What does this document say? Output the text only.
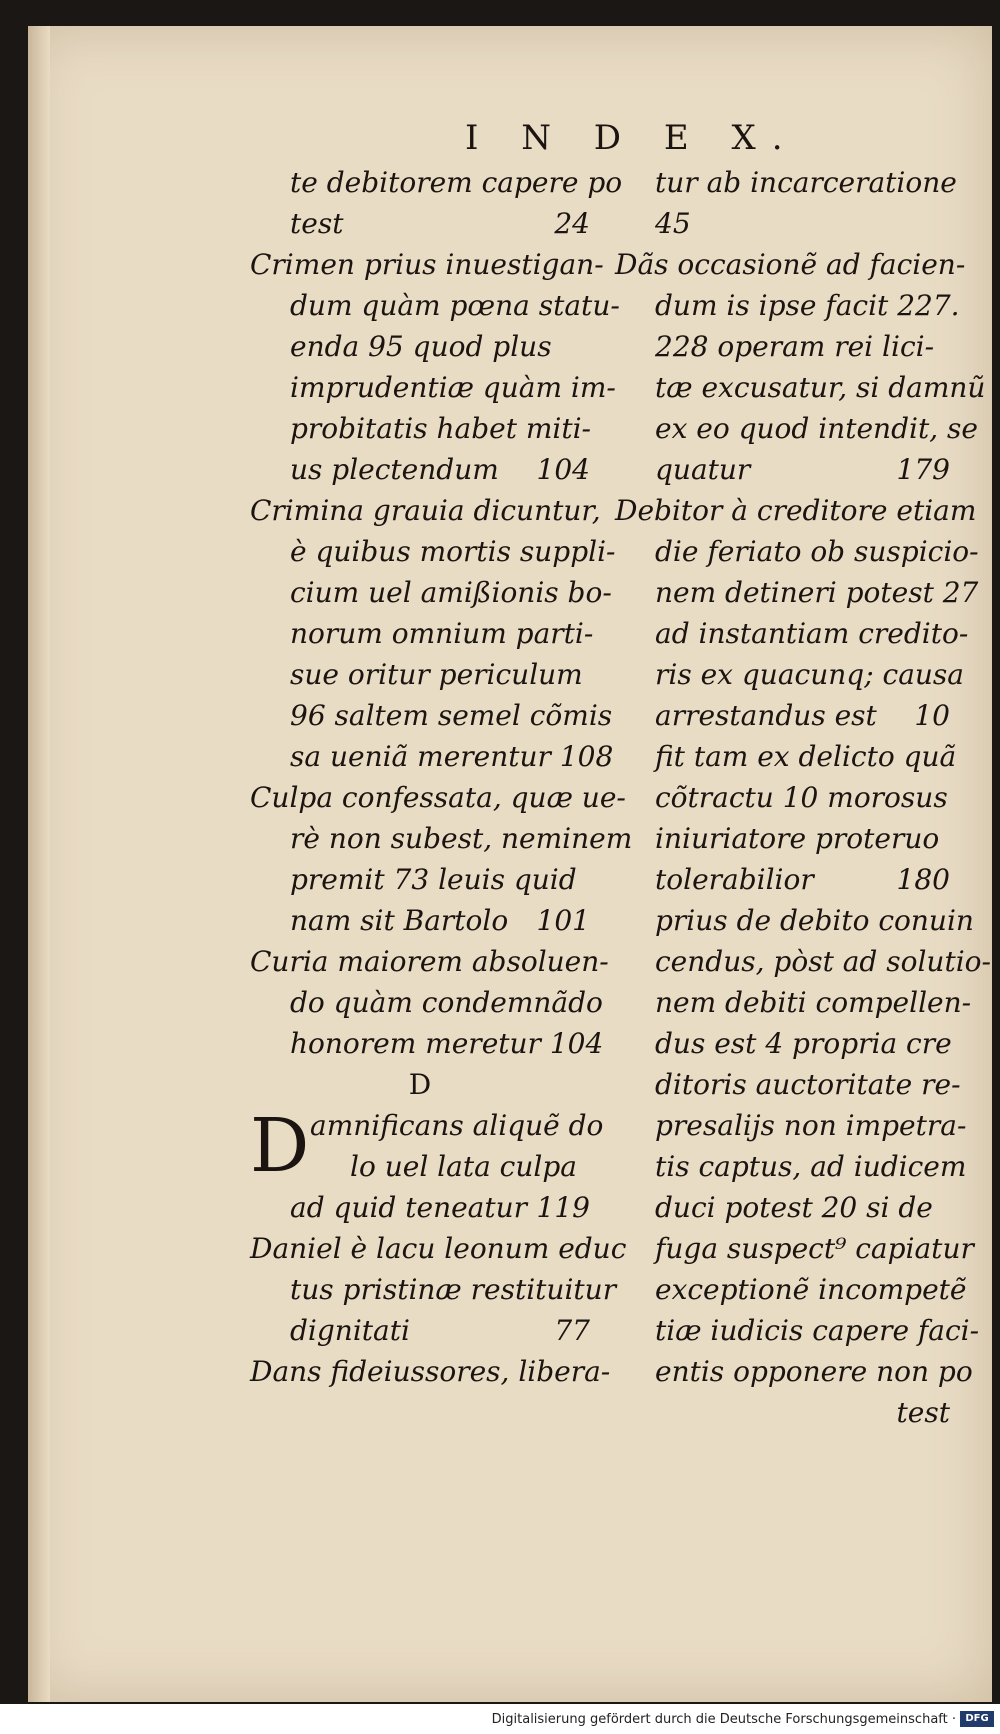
I N D E X.
te debitorem capere po
test	24
Crimen prius inuestigan-
dum quàm pœna statu-
enda 95 quod plus
imprudentiæ quàm im-
probitatis habet miti-
us plectendum 104
Crimina grauia dicuntur,
è quibus mortis suppli-
cium uel amißionis bo-
norum omnium parti-
sue oritur periculum
96 saltem semel cõmis
sa ueniã merentur 108
Culpa confessata, quæ ue-
rè non subest, neminem
premit 73 leuis quid
nam sit Bartolo 101
Curia maiorem absoluen-
do quàm condemnãdo
honorem meretur 104
D
D amnificans aliquẽ do
lo uel lata culpa
ad quid teneatur 119
Daniel è lacu leonum educ
tus pristinæ restituitur
dignitati	77
Dans fideiussores, libera-
tur ab incarceratione
45
Dãs occasionẽ ad facien-
dum is ipse facit 227.
228 operam rei lici-
tæ excusatur, si damnũ
ex eo quod intendit, se
quatur	179
Debitor à creditore etiam
die feriato ob suspicio-
nem detineri potest 27
ad instantiam credito-
ris ex quacunq; causa
arrestandus est 10
fit tam ex delicto quã
cõtractu 10 morosus
iniuriatore proteruo
tolerabilior	180
prius de debito conuin
cendus, pòst ad solutio-
nem debiti compellen-
dus est 4 propria cre
ditoris auctoritate re-
presalijs non impetra-
tis captus, ad iudicem
duci potest 20 si de
fuga suspect⁹ capiatur
exceptionẽ incompetẽ
tiæ iudicis capere faci-
entis opponere non po
test
Digitalisierung gefördert durch die Deutsche Forschungsgemeinschaft · DFG
